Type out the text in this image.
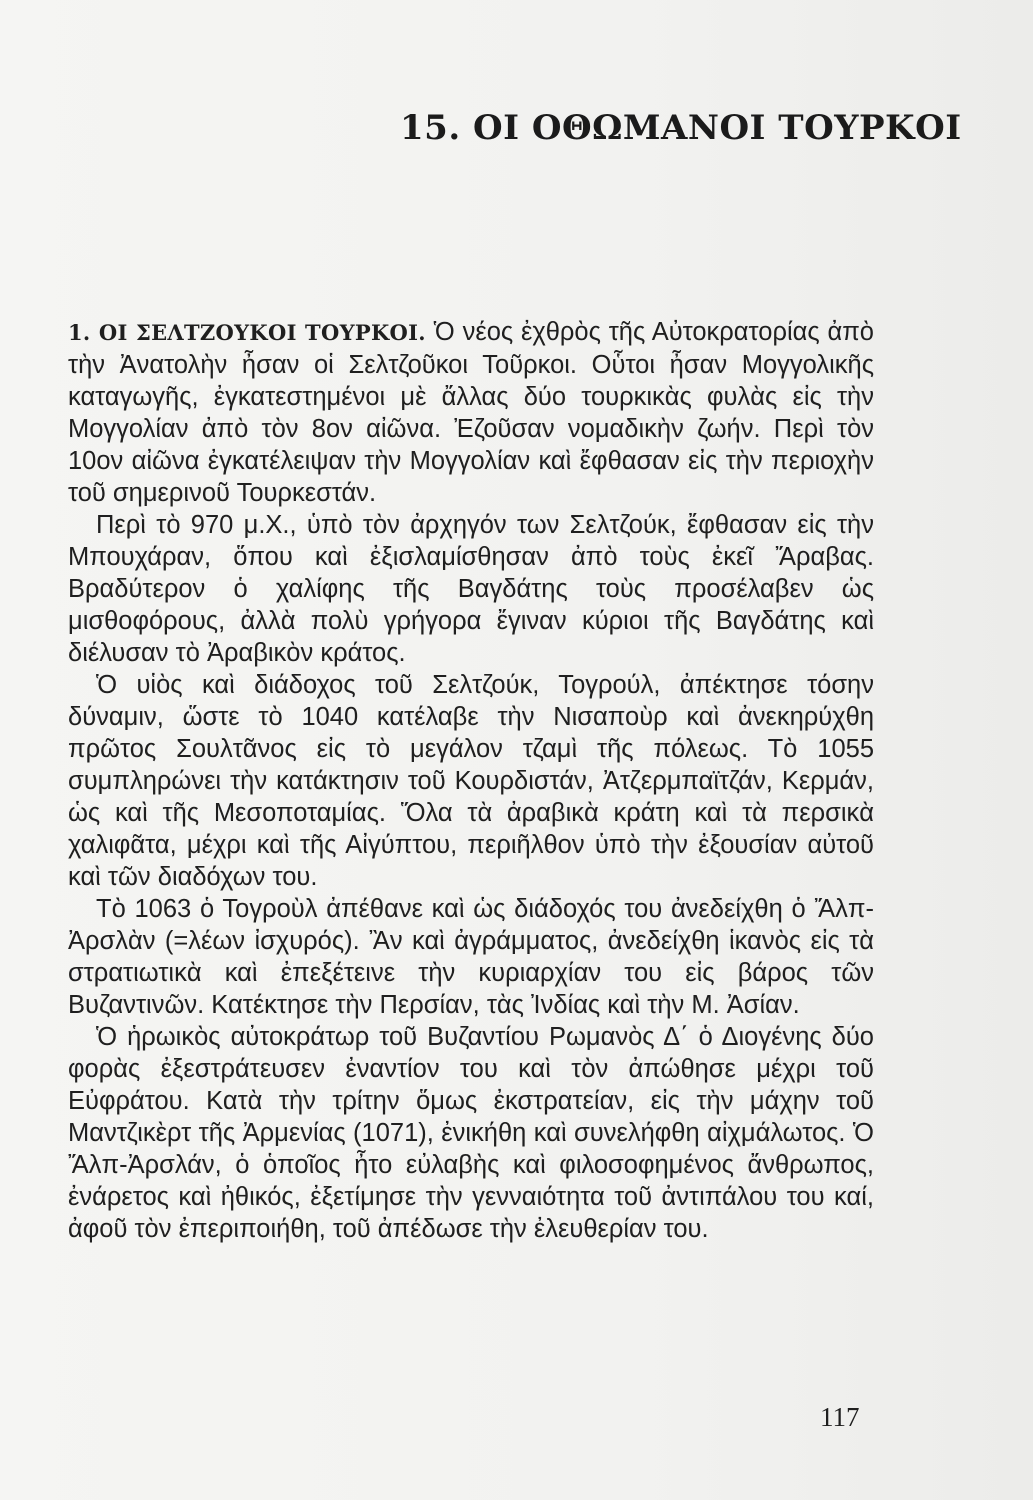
15. ΟΙ ΟΘΩΜΑΝΟΙ ΤΟΥΡΚΟΙ

1. ΟΙ ΣΕΛΤΖΟΥΚΟΙ ΤΟΥΡΚΟΙ. Ὁ νέος ἐχθρὸς τῆς Αὐτοκρατορίας ἀπὸ τὴν Ἀνατολὴν ἦσαν οἱ Σελτζοῦκοι Τοῦρκοι. Οὗτοι ἦσαν Μογγολικῆς καταγωγῆς, ἐγκατεστημένοι μὲ ἄλλας δύο τουρκικὰς φυλὰς εἰς τὴν Μογγολίαν ἀπὸ τὸν 8ον αἰῶνα. Ἐζοῦσαν νομαδικὴν ζωήν. Περὶ τὸν 10ον αἰῶνα ἐγκατέλειψαν τὴν Μογγολίαν καὶ ἔφθασαν εἰς τὴν περιοχὴν τοῦ σημερινοῦ Τουρκεστάν.

Περὶ τὸ 970 μ.Χ., ὑπὸ τὸν ἀρχηγόν των Σελτζούκ, ἔφθασαν εἰς τὴν Μπουχάραν, ὅπου καὶ ἐξισλαμίσθησαν ἀπὸ τοὺς ἐκεῖ Ἄραβας. Βραδύτερον ὁ χαλίφης τῆς Βαγδάτης τοὺς προσέλαβεν ὡς μισθοφόρους, ἀλλὰ πολὺ γρήγορα ἔγιναν κύριοι τῆς Βαγδάτης καὶ διέλυσαν τὸ Ἀραβικὸν κράτος.

Ὁ υἱὸς καὶ διάδοχος τοῦ Σελτζούκ, Τογρούλ, ἀπέκτησε τόσην δύναμιν, ὥστε τὸ 1040 κατέλαβε τὴν Νισαποὺρ καὶ ἀνεκηρύχθη πρῶτος Σουλτᾶνος εἰς τὸ μεγάλον τζαμὶ τῆς πόλεως. Τὸ 1055 συμπληρώνει τὴν κατάκτησιν τοῦ Κουρδιστάν, Ἀτζερμπαϊτζάν, Κερμάν, ὡς καὶ τῆς Μεσοποταμίας. Ὅλα τὰ ἀραβικὰ κράτη καὶ τὰ περσικὰ χαλιφᾶτα, μέχρι καὶ τῆς Αἰγύπτου, περιῆλθον ὑπὸ τὴν ἐξουσίαν αὐτοῦ καὶ τῶν διαδόχων του.

Τὸ 1063 ὁ Τογροὺλ ἀπέθανε καὶ ὡς διάδοχός του ἀνεδείχθη ὁ Ἄλπ-Ἀρσλὰν (=λέων ἰσχυρός). Ἂν καὶ ἀγράμματος, ἀνεδείχθη ἱκανὸς εἰς τὰ στρατιωτικὰ καὶ ἐπεξέτεινε τὴν κυριαρχίαν του εἰς βάρος τῶν Βυζαντινῶν. Κατέκτησε τὴν Περσίαν, τὰς Ἰνδίας καὶ τὴν Μ. Ἀσίαν.

Ὁ ἡρωικὸς αὐτοκράτωρ τοῦ Βυζαντίου Ρωμανὸς Δ΄ ὁ Διογένης δύο φορὰς ἐξεστράτευσεν ἐναντίον του καὶ τὸν ἀπώθησε μέχρι τοῦ Εὐφράτου. Κατὰ τὴν τρίτην ὅμως ἐκστρατείαν, εἰς τὴν μάχην τοῦ Μαντζικὲρτ τῆς Ἀρμενίας (1071), ἐνικήθη καὶ συνελήφθη αἰχμάλωτος. Ὁ Ἄλπ-Ἀρσλάν, ὁ ὁποῖος ἦτο εὐλαβὴς καὶ φιλοσοφημένος ἄνθρωπος, ἐνάρετος καὶ ἠθικός, ἐξετίμησε τὴν γενναιότητα τοῦ ἀντιπάλου του καί, ἀφοῦ τὸν ἐπεριποιήθη, τοῦ ἀπέδωσε τὴν ἐλευθερίαν του.

117
